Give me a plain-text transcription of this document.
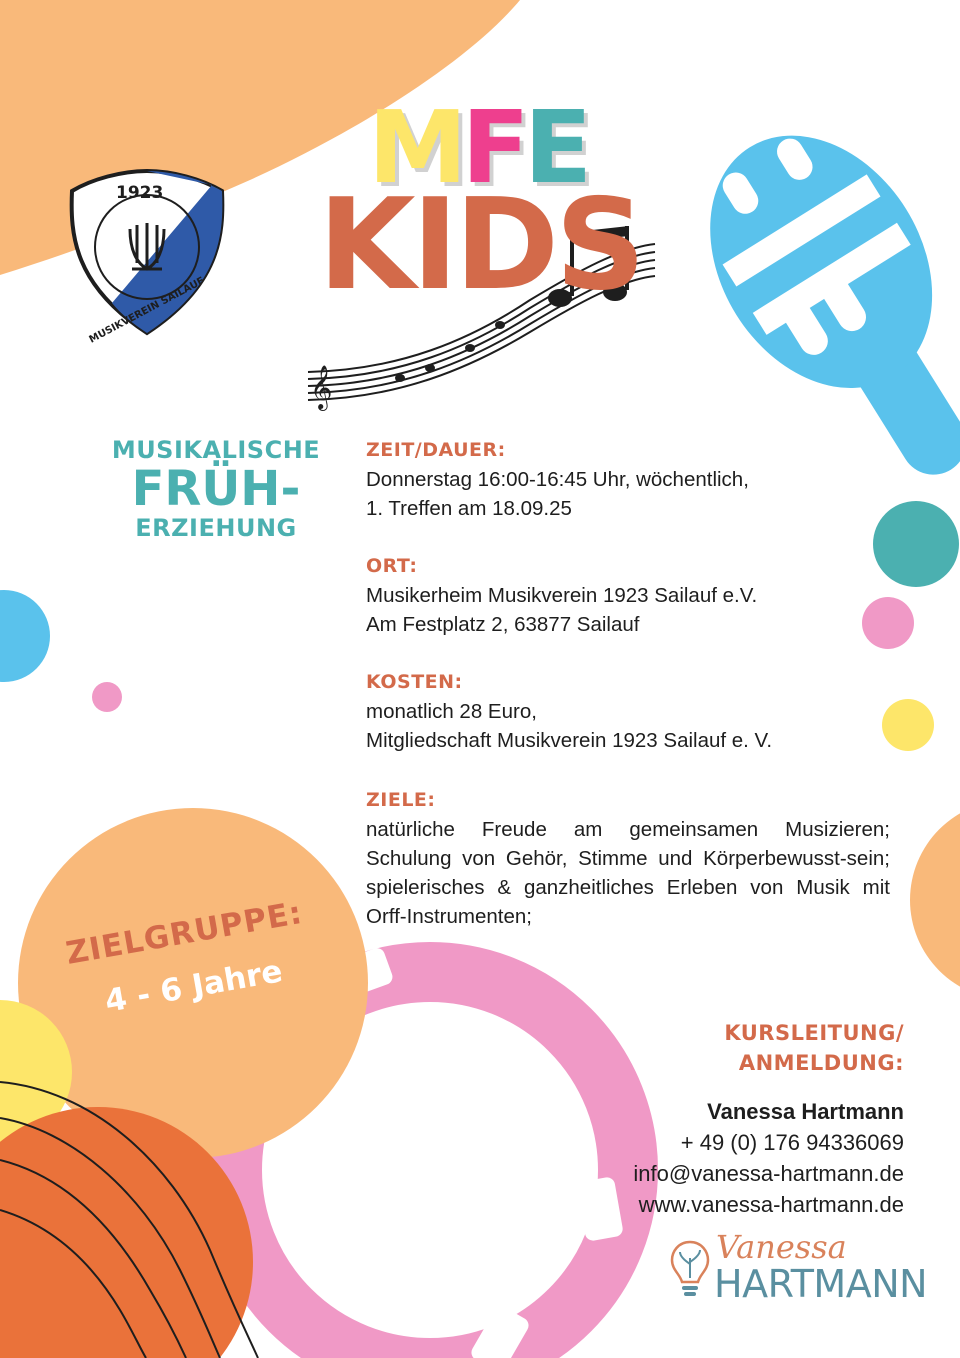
𝄞
1923
MUSIKVEREIN SAILAUF
MFE
KIDS
MUSIKALISCHE
FRÜH-
ERZIEHUNG
ZEIT/DAUER:
Donnerstag 16:00-16:45 Uhr, wöchentlich,
1. Treffen am 18.09.25
ORT:
Musikerheim Musikverein 1923 Sailauf e.V.
Am Festplatz 2, 63877 Sailauf
KOSTEN:
monatlich 28 Euro,
Mitgliedschaft Musikverein 1923 Sailauf e. V.
ZIELE:
natürliche Freude am gemeinsamen Musizieren; Schulung von Gehör, Stimme und Körperbewusst-sein; spielerisches & ganzheitliches Erleben von Musik mit Orff-Instrumenten;
ZIELGRUPPE:
4 - 6 Jahre
KURSLEITUNG/
ANMELDUNG:
Vanessa Hartmann
+ 49 (0) 176 94336069
info@vanessa-hartmann.de
www.vanessa-hartmann.de
Vanessa
HARTMANN
